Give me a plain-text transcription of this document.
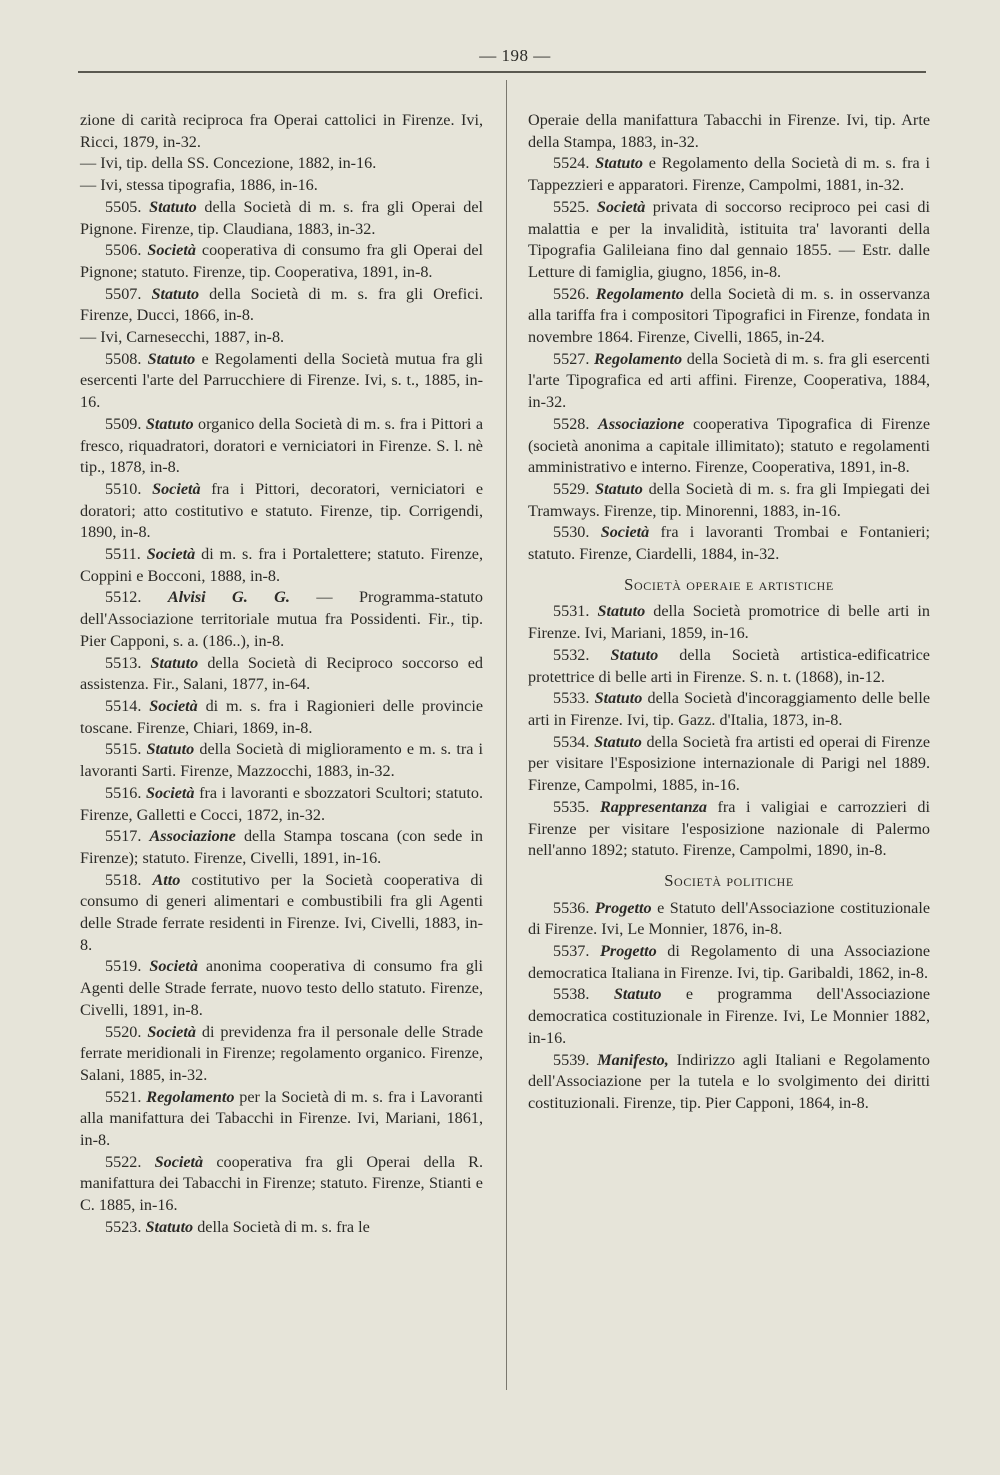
— 198 —
zione di carità reciproca fra Operai cattolici in Firenze. Ivi, Ricci, 1879, in-32.
— Ivi, tip. della SS. Concezione, 1882, in-16.
— Ivi, stessa tipografia, 1886, in-16.
5505. Statuto della Società di m. s. fra gli Operai del Pignone. Firenze, tip. Claudiana, 1883, in-32.
5506. Società cooperativa di consumo fra gli Operai del Pignone; statuto. Firenze, tip. Cooperativa, 1891, in-8.
5507. Statuto della Società di m. s. fra gli Orefici. Firenze, Ducci, 1866, in-8.
— Ivi, Carnesecchi, 1887, in-8.
5508. Statuto e Regolamenti della Società mutua fra gli esercenti l'arte del Parrucchiere di Firenze. Ivi, s. t., 1885, in-16.
5509. Statuto organico della Società di m. s. fra i Pittori a fresco, riquadratori, doratori e verniciatori in Firenze. S. l. nè tip., 1878, in-8.
5510. Società fra i Pittori, decoratori, verniciatori e doratori; atto costitutivo e statuto. Firenze, tip. Corrigendi, 1890, in-8.
5511. Società di m. s. fra i Portalettere; statuto. Firenze, Coppini e Bocconi, 1888, in-8.
5512. Alvisi G. G. — Programma-statuto dell'Associazione territoriale mutua fra Possidenti. Fir., tip. Pier Capponi, s. a. (186..), in-8.
5513. Statuto della Società di Reciproco soccorso ed assistenza. Fir., Salani, 1877, in-64.
5514. Società di m. s. fra i Ragionieri delle provincie toscane. Firenze, Chiari, 1869, in-8.
5515. Statuto della Società di miglioramento e m. s. tra i lavoranti Sarti. Firenze, Mazzocchi, 1883, in-32.
5516. Società fra i lavoranti e sbozzatori Scultori; statuto. Firenze, Galletti e Cocci, 1872, in-32.
5517. Associazione della Stampa toscana (con sede in Firenze); statuto. Firenze, Civelli, 1891, in-16.
5518. Atto costitutivo per la Società cooperativa di consumo di generi alimentari e combustibili fra gli Agenti delle Strade ferrate residenti in Firenze. Ivi, Civelli, 1883, in-8.
5519. Società anonima cooperativa di consumo fra gli Agenti delle Strade ferrate, nuovo testo dello statuto. Firenze, Civelli, 1891, in-8.
5520. Società di previdenza fra il personale delle Strade ferrate meridionali in Firenze; regolamento organico. Firenze, Salani, 1885, in-32.
5521. Regolamento per la Società di m. s. fra i Lavoranti alla manifattura dei Tabacchi in Firenze. Ivi, Mariani, 1861, in-8.
5522. Società cooperativa fra gli Operai della R. manifattura dei Tabacchi in Firenze; statuto. Firenze, Stianti e C. 1885, in-16.
5523. Statuto della Società di m. s. fra le
Operaie della manifattura Tabacchi in Firenze. Ivi, tip. Arte della Stampa, 1883, in-32.
5524. Statuto e Regolamento della Società di m. s. fra i Tappezzieri e apparatori. Firenze, Campolmi, 1881, in-32.
5525. Società privata di soccorso reciproco pei casi di malattia e per la invalidità, istituita tra' lavoranti della Tipografia Galileiana fino dal gennaio 1855. — Estr. dalle Letture di famiglia, giugno, 1856, in-8.
5526. Regolamento della Società di m. s. in osservanza alla tariffa fra i compositori Tipografici in Firenze, fondata in novembre 1864. Firenze, Civelli, 1865, in-24.
5527. Regolamento della Società di m. s. fra gli esercenti l'arte Tipografica ed arti affini. Firenze, Cooperativa, 1884, in-32.
5528. Associazione cooperativa Tipografica di Firenze (società anonima a capitale illimitato); statuto e regolamenti amministrativo e interno. Firenze, Cooperativa, 1891, in-8.
5529. Statuto della Società di m. s. fra gli Impiegati dei Tramways. Firenze, tip. Minorenni, 1883, in-16.
5530. Società fra i lavoranti Trombai e Fontanieri; statuto. Firenze, Ciardelli, 1884, in-32.
Società operaie e artistiche
5531. Statuto della Società promotrice di belle arti in Firenze. Ivi, Mariani, 1859, in-16.
5532. Statuto della Società artistica-edificatrice protettrice di belle arti in Firenze. S. n. t. (1868), in-12.
5533. Statuto della Società d'incoraggiamento delle belle arti in Firenze. Ivi, tip. Gazz. d'Italia, 1873, in-8.
5534. Statuto della Società fra artisti ed operai di Firenze per visitare l'Esposizione internazionale di Parigi nel 1889. Firenze, Campolmi, 1885, in-16.
5535. Rappresentanza fra i valigiai e carrozzieri di Firenze per visitare l'esposizione nazionale di Palermo nell'anno 1892; statuto. Firenze, Campolmi, 1890, in-8.
Società politiche
5536. Progetto e Statuto dell'Associazione costituzionale di Firenze. Ivi, Le Monnier, 1876, in-8.
5537. Progetto di Regolamento di una Associazione democratica Italiana in Firenze. Ivi, tip. Garibaldi, 1862, in-8.
5538. Statuto e programma dell'Associazione democratica costituzionale in Firenze. Ivi, Le Monnier 1882, in-16.
5539. Manifesto, Indirizzo agli Italiani e Regolamento dell'Associazione per la tutela e lo svolgimento dei diritti costituzionali. Firenze, tip. Pier Capponi, 1864, in-8.
